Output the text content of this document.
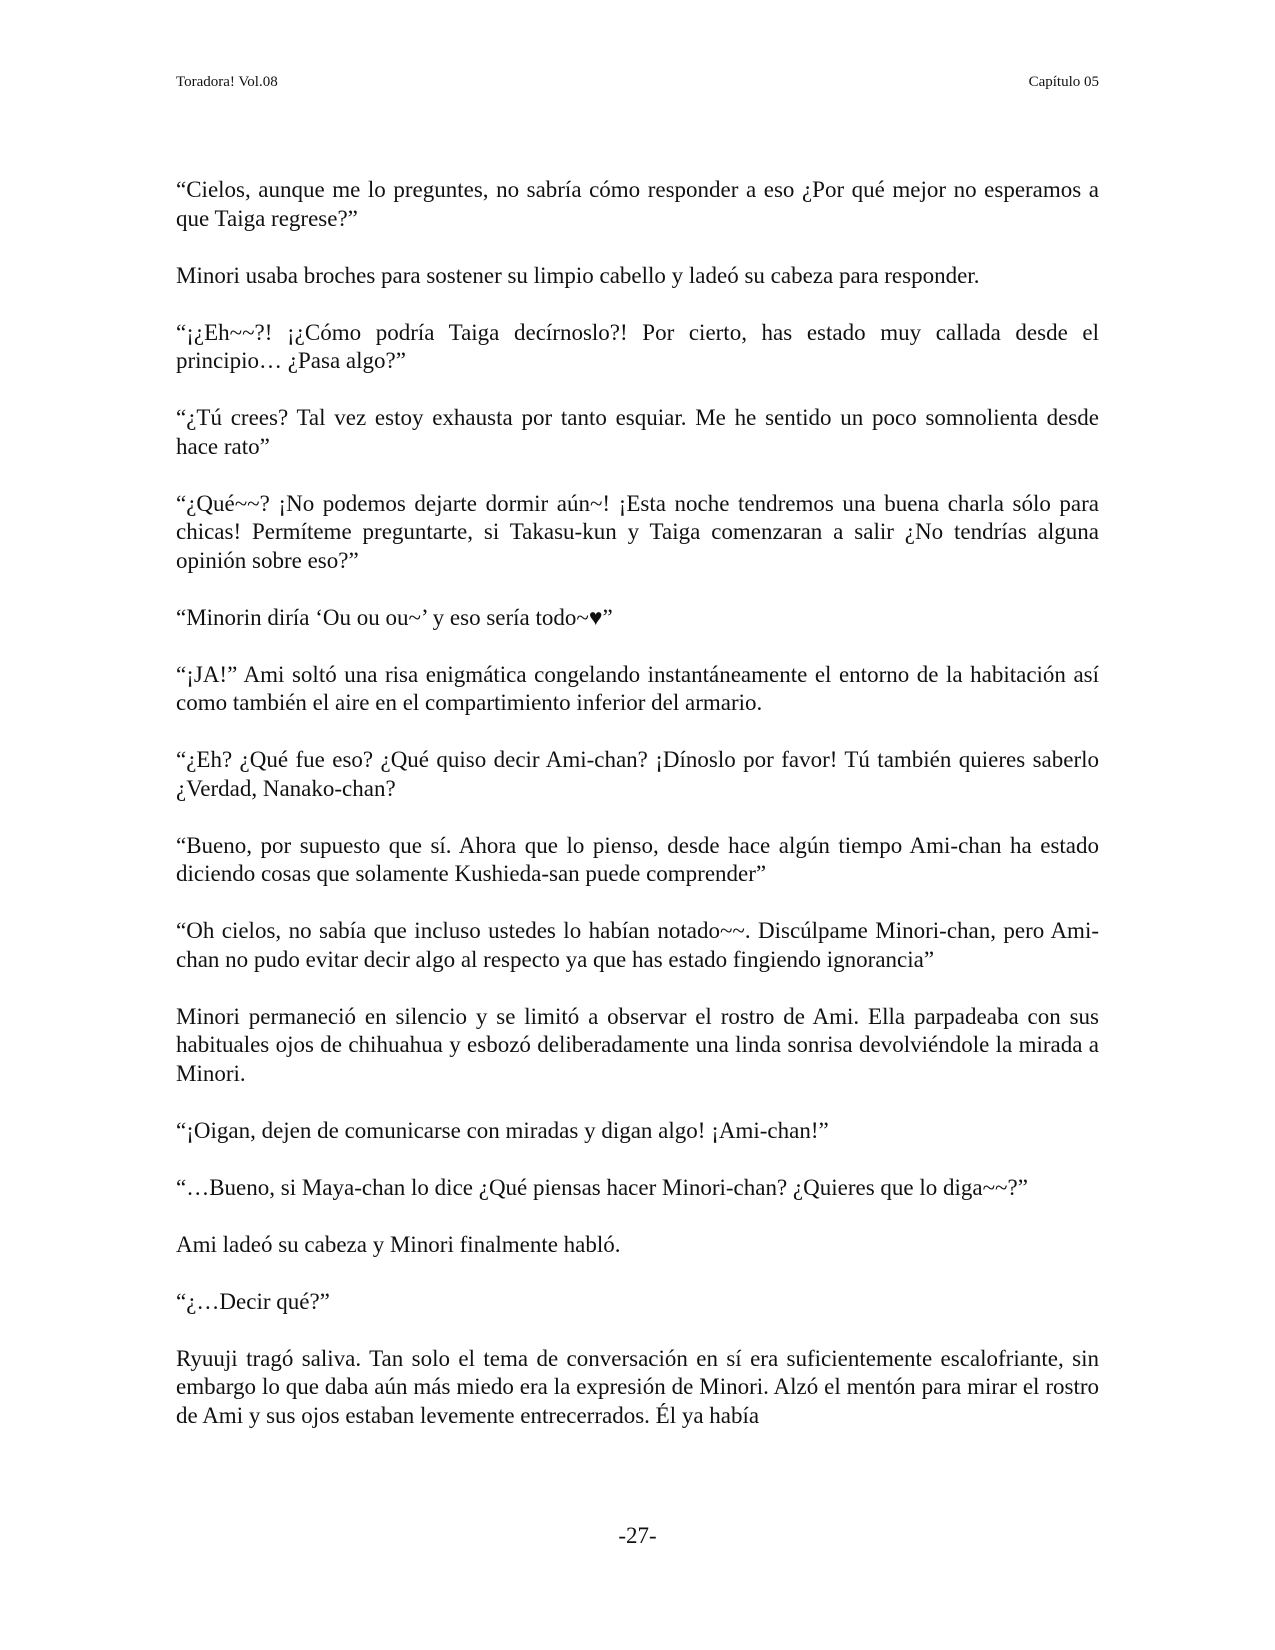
Toradora! Vol.08	Capítulo 05

“Cielos, aunque me lo preguntes, no sabría cómo responder a eso ¿Por qué mejor no esperamos a que Taiga regrese?”

Minori usaba broches para sostener su limpio cabello y ladeó su cabeza para responder.

“¡¿Eh~~?! ¡¿Cómo podría Taiga decírnoslo?! Por cierto, has estado muy callada desde el principio… ¿Pasa algo?”

“¿Tú crees? Tal vez estoy exhausta por tanto esquiar. Me he sentido un poco somnolienta desde hace rato”

“¿Qué~~? ¡No podemos dejarte dormir aún~! ¡Esta noche tendremos una buena charla sólo para chicas! Permíteme preguntarte, si Takasu-kun y Taiga comenzaran a salir ¿No tendrías alguna opinión sobre eso?”

“Minorin diría ‘Ou ou ou~’ y eso sería todo~♥”

“¡JA!” Ami soltó una risa enigmática congelando instantáneamente el entorno de la habitación así como también el aire en el compartimiento inferior del armario.

“¿Eh? ¿Qué fue eso? ¿Qué quiso decir Ami-chan? ¡Dínoslo por favor! Tú también quieres saberlo ¿Verdad, Nanako-chan?

“Bueno, por supuesto que sí. Ahora que lo pienso, desde hace algún tiempo Ami-chan ha estado diciendo cosas que solamente Kushieda-san puede comprender”

“Oh cielos, no sabía que incluso ustedes lo habían notado~~. Discúlpame Minori-chan, pero Ami-chan no pudo evitar decir algo al respecto ya que has estado fingiendo ignorancia”

Minori permaneció en silencio y se limitó a observar el rostro de Ami. Ella parpadeaba con sus habituales ojos de chihuahua y esbozó deliberadamente una linda sonrisa devolviéndole la mirada a Minori.

“¡Oigan, dejen de comunicarse con miradas y digan algo! ¡Ami-chan!”

“…Bueno, si Maya-chan lo dice ¿Qué piensas hacer Minori-chan? ¿Quieres que lo diga~~?”

Ami ladeó su cabeza y Minori finalmente habló.

“¿…Decir qué?”

Ryuuji tragó saliva. Tan solo el tema de conversación en sí era suficientemente escalofriante, sin embargo lo que daba aún más miedo era la expresión de Minori. Alzó el mentón para mirar el rostro de Ami y sus ojos estaban levemente entrecerrados. Él ya había

-27-
